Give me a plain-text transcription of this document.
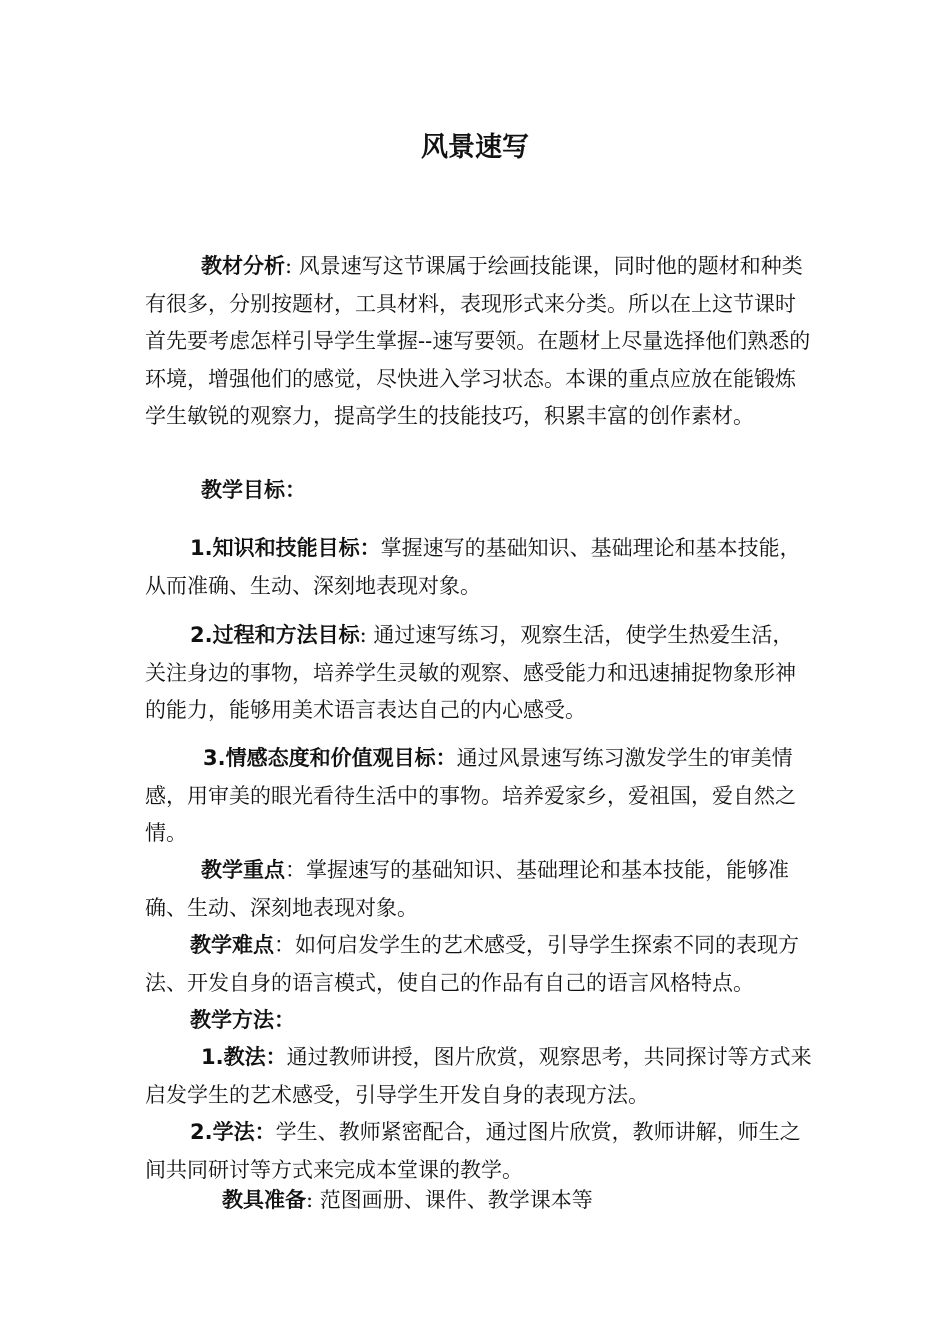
风景速写

教材分析: 风景速写这节课属于绘画技能课，同时他的题材和种类有很多，分别按题材，工具材料，表现形式来分类。所以在上这节课时首先要考虑怎样引导学生掌握--速写要领。在题材上尽量选择他们熟悉的环境，增强他们的感觉，尽快进入学习状态。本课的重点应放在能锻炼学生敏锐的观察力，提高学生的技能技巧，积累丰富的创作素材。

教学目标：

1.知识和技能目标：掌握速写的基础知识、基础理论和基本技能，从而准确、生动、深刻地表现对象。

2.过程和方法目标: 通过速写练习，观察生活，使学生热爱生活，关注身边的事物，培养学生灵敏的观察、感受能力和迅速捕捉物象形神的能力，能够用美术语言表达自己的内心感受。

3.情感态度和价值观目标：通过风景速写练习激发学生的审美情感，用审美的眼光看待生活中的事物。培养爱家乡，爱祖国，爱自然之情。

教学重点：掌握速写的基础知识、基础理论和基本技能，能够准确、生动、深刻地表现对象。

教学难点：如何启发学生的艺术感受，引导学生探索不同的表现方法、开发自身的语言模式，使自己的作品有自己的语言风格特点。

教学方法：

1.教法：通过教师讲授，图片欣赏，观察思考，共同探讨等方式来启发学生的艺术感受，引导学生开发自身的表现方法。

2.学法：学生、教师紧密配合，通过图片欣赏，教师讲解，师生之间共同研讨等方式来完成本堂课的教学。

教具准备: 范图画册、课件、教学课本等
